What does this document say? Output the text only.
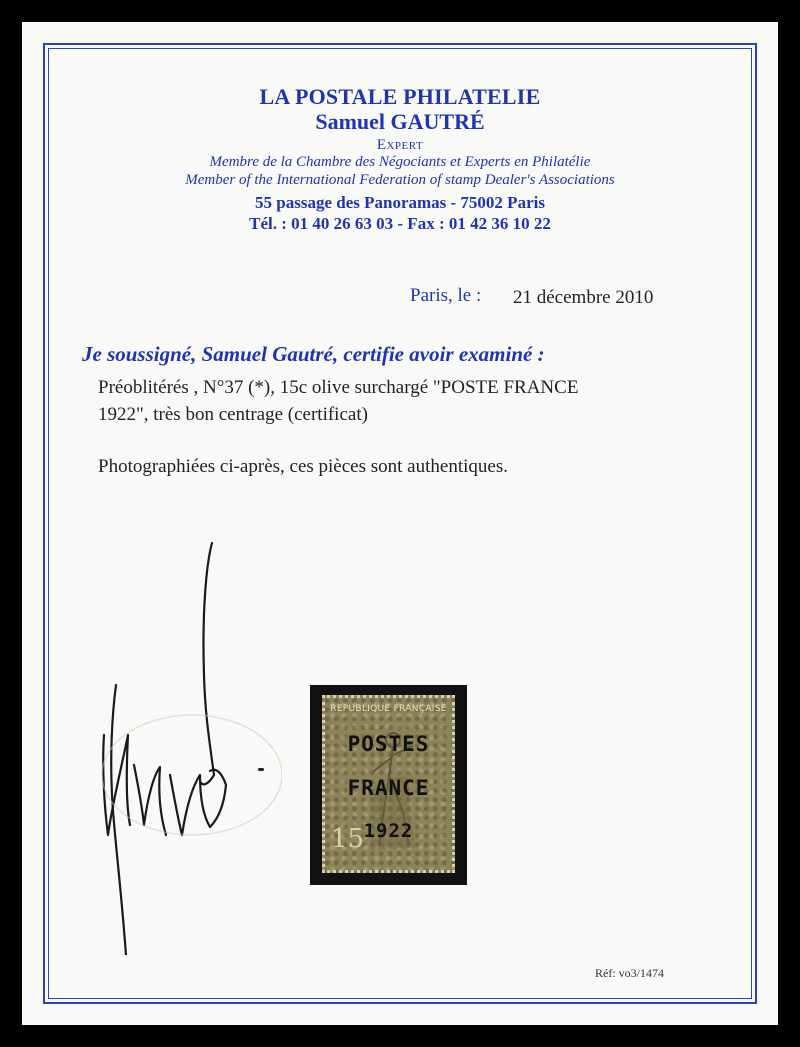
LA POSTALE PHILATELIE
Samuel GAUTRÉ
Expert
Membre de la Chambre des Négociants et Experts en Philatélie
Member of the International Federation of stamp Dealer's Associations
55 passage des Panoramas - 75002 Paris
Tél. : 01 40 26 63 03 - Fax : 01 42 36 10 22
Paris, le : 21 décembre 2010
Je soussigné, Samuel Gautré, certifie avoir examiné :
Préoblitérés , N°37 (*), 15c olive surchargé "POSTE FRANCE
1922", très bon centrage (certificat)
Photographiées ci-après, ces pièces sont authentiques.
REPUBLIQUE FRANÇAISE
POSTES
FRANCE
1922
15
Réf: vo3/1474
